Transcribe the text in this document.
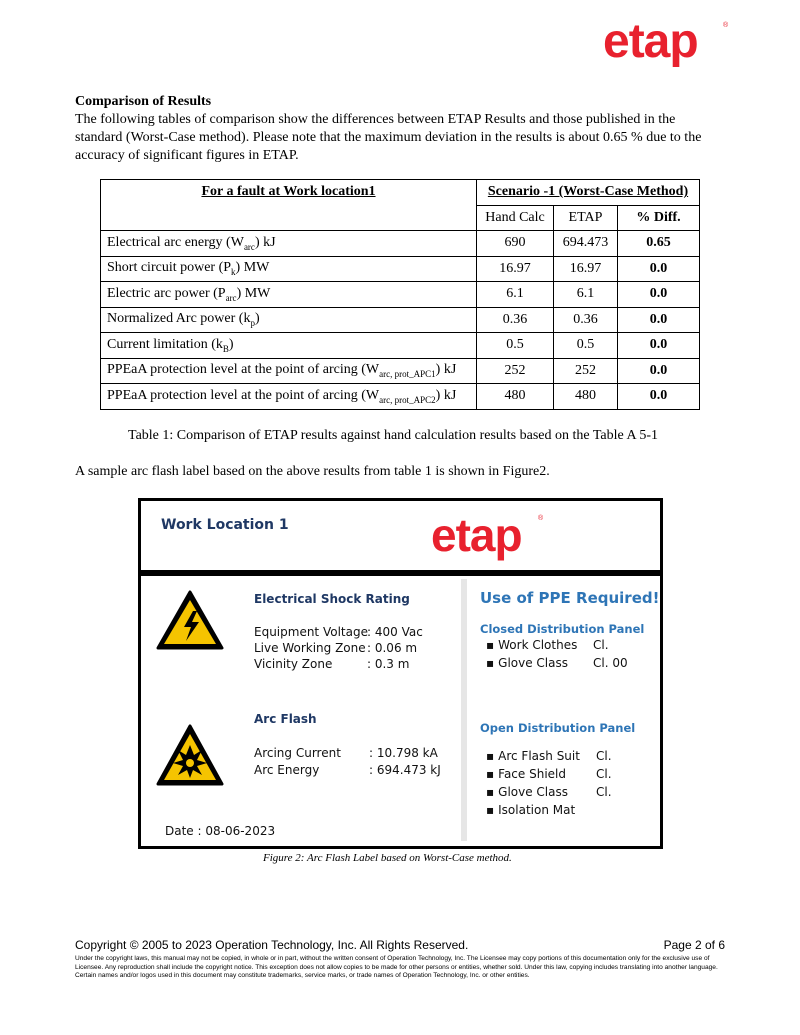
etap	®
Comparison of Results
The following tables of comparison show the differences between ETAP Results and those published in the standard (Worst-Case method). Please note that the maximum deviation in the results is about 0.65 % due to the accuracy of significant figures in ETAP.
For a fault at Work location1	Scenario -1 (Worst-Case Method)		
	Hand Calc	ETAP	% Diff.
Electrical arc energy $(W_{arc})$ kJ	690	694.473	0.65
Short circuit power $(P_k)$ MW	16.97	16.97	0.0
Electric arc power $(P_{arc})$ MW	6.1	6.1	0.0
Normalized Arc power $(k_p)$	0.36	0.36	0.0
Current limitation $(k_B)$	0.5	0.5	0.0
PPEaA protection level at the point of arcing $(W_{arc, prot\_APC1})$ kJ	252	252	0.0
PPEaA protection level at the point of arcing $(W_{arc, prot\_APC2})$ kJ	480	480	0.0
Table 1: Comparison of ETAP results against hand calculation results based on the Table A 5-1
A sample arc flash label based on the above results from table 1 is shown in Figure2.
Work Location 1	etap ®
Electrical Shock Rating
Equipment Voltage : 400 Vac
Live Working Zone : 0.06 m
Vicinity Zone	: 0.3 m
Arc Flash
Arcing Current : 10.798 kA
Arc Energy	: 694.473 kJ
Date : 08-06-2023
Use of PPE Required!
Closed Distribution Panel
▪ Work Clothes Cl.
▪ Glove Class Cl. 00
Open Distribution Panel
▪ Arc Flash Suit Cl.
▪ Face Shield	Cl.
▪ Glove Class Cl.
▪ Isolation Mat
Figure 2: Arc Flash Label based on Worst-Case method.
Copyright © 2005 to 2023 Operation Technology, Inc. All Rights Reserved.	Page 2 of 6
Under the copyright laws, this manual may not be copied, in whole or in part, without the written consent of Operation Technology, Inc. The Licensee may copy portions of this documentation only for the exclusive use of Licensee. Any reproduction shall include the copyright notice. This exception does not allow copies to be made for other persons or entities, whether sold. Under this law, copying includes translating into another language. Certain names and/or logos used in this document may constitute trademarks, service marks, or trade names of Operation Technology, Inc. or other entities.
